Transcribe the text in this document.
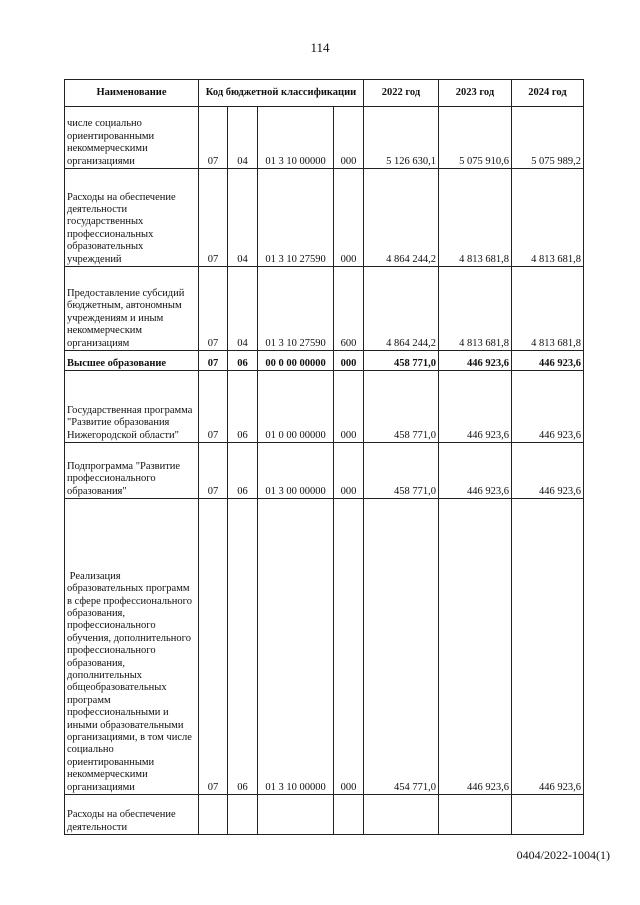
114
Наименование	Код бюджетной классификации				2022 год	2023 год	2024 год
числе социально ориентированными некоммерческими организациями	07	04	01 3 10 00000	000	5 126 630,1	5 075 910,6	5 075 989,2
Расходы на обеспечение деятельности государственных профессиональных образовательных учреждений	07	04	01 3 10 27590	000	4 864 244,2	4 813 681,8	4 813 681,8
Предоставление субсидий бюджетным, автономным учреждениям и иным некоммерческим организациям	07	04	01 3 10 27590	600	4 864 244,2	4 813 681,8	4 813 681,8
Высшее образование	07	06	00 0 00 00000	000	458 771,0	446 923,6	446 923,6
Государственная программа "Развитие образования Нижегородской области"	07	06	01 0 00 00000	000	458 771,0	446 923,6	446 923,6
Подпрограмма "Развитие профессионального образования"	07	06	01 3 00 00000	000	458 771,0	446 923,6	446 923,6
Реализация образовательных программ в сфере профессионального образования, профессионального обучения, дополнительного профессионального образования, дополнительных общеобразовательных программ профессиональными и иными образовательными организациями, в том числе социально ориентированными некоммерческими организациями	07	06	01 3 10 00000	000	454 771,0	446 923,6	446 923,6
Расходы на обеспечение деятельности							
0404/2022-1004(1)
